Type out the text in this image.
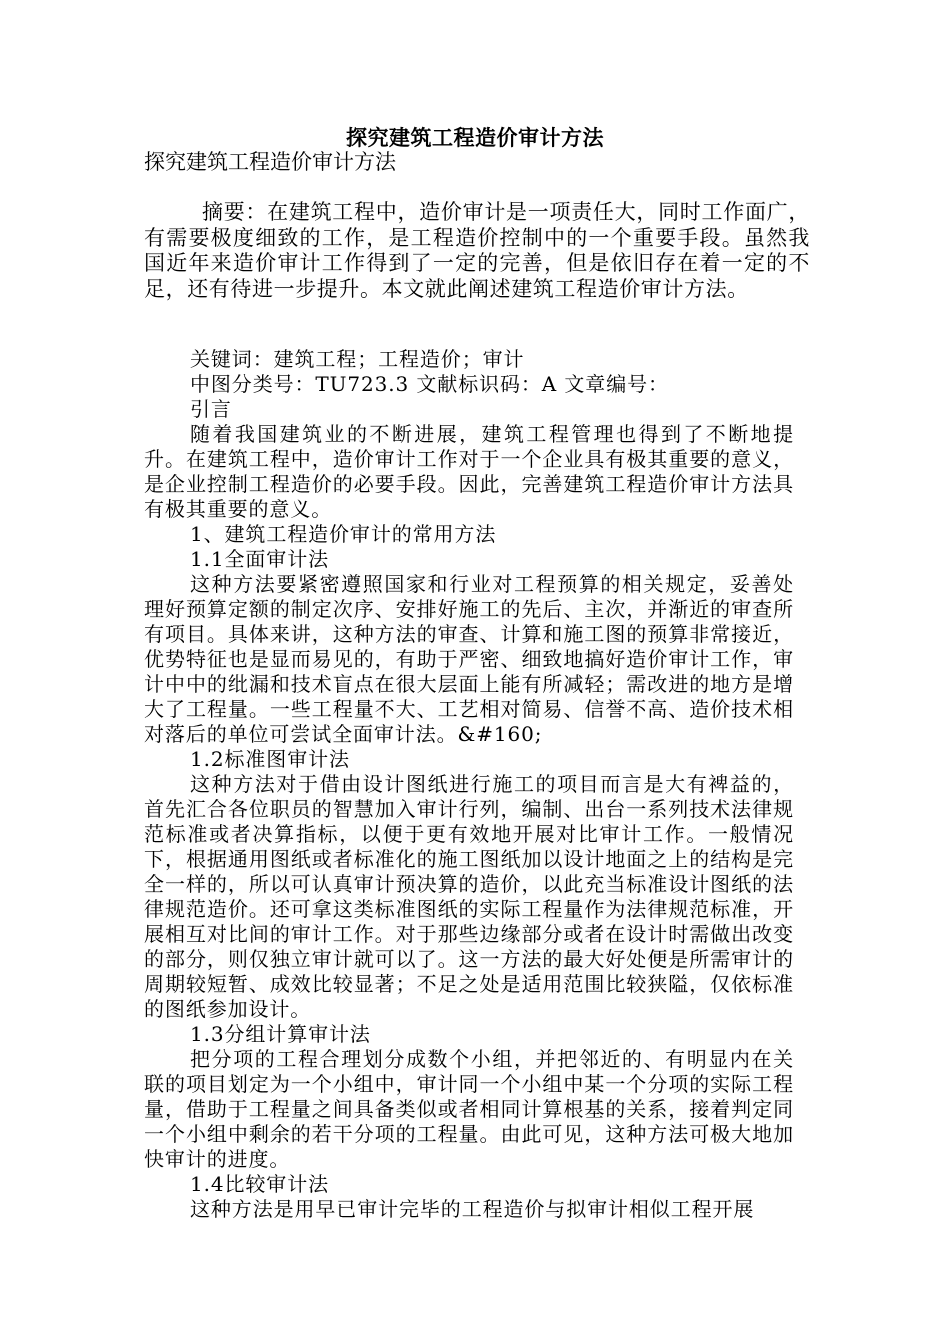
探究建筑工程造价审计方法
探究建筑工程造价审计方法
摘要：在建筑工程中，造价审计是一项责任大，同时工作面广，有需要极度细致的工作，是工程造价控制中的一个重要手段。虽然我国近年来造价审计工作得到了一定的完善，但是依旧存在着一定的不足，还有待进一步提升。本文就此阐述建筑工程造价审计方法。

关键词：建筑工程；工程造价；审计

中图分类号：TU723.3 文献标识码：A 文章编号：

引言

随着我国建筑业的不断进展，建筑工程管理也得到了不断地提升。在建筑工程中，造价审计工作对于一个企业具有极其重要的意义，是企业控制工程造价的必要手段。因此，完善建筑工程造价审计方法具有极其重要的意义。

1、建筑工程造价审计的常用方法

1.1全面审计法

这种方法要紧密遵照国家和行业对工程预算的相关规定，妥善处理好预算定额的制定次序、安排好施工的先后、主次，并渐近的审查所有项目。具体来讲，这种方法的审查、计算和施工图的预算非常接近，优势特征也是显而易见的，有助于严密、细致地搞好造价审计工作，审计中中的纰漏和技术盲点在很大层面上能有所减轻；需改进的地方是增大了工程量。一些工程量不大、工艺相对简易、信誉不高、造价技术相对落后的单位可尝试全面审计法。&#160;

1.2标准图审计法

这种方法对于借由设计图纸进行施工的项目而言是大有裨益的，首先汇合各位职员的智慧加入审计行列，编制、出台一系列技术法律规范标准或者决算指标，以便于更有效地开展对比审计工作。一般情况下，根据通用图纸或者标准化的施工图纸加以设计地面之上的结构是完全一样的，所以可认真审计预决算的造价，以此充当标准设计图纸的法律规范造价。还可拿这类标准图纸的实际工程量作为法律规范标准，开展相互对比间的审计工作。对于那些边缘部分或者在设计时需做出改变的部分，则仅独立审计就可以了。这一方法的最大好处便是所需审计的周期较短暂、成效比较显著；不足之处是适用范围比较狭隘，仅依标准的图纸参加设计。

1.3分组计算审计法

把分项的工程合理划分成数个小组，并把邻近的、有明显内在关联的项目划定为一个小组中，审计同一个小组中某一个分项的实际工程量，借助于工程量之间具备类似或者相同计算根基的关系，接着判定同一个小组中剩余的若干分项的工程量。由此可见，这种方法可极大地加快审计的进度。

1.4比较审计法

这种方法是用早已审计完毕的工程造价与拟审计相似工程开展
